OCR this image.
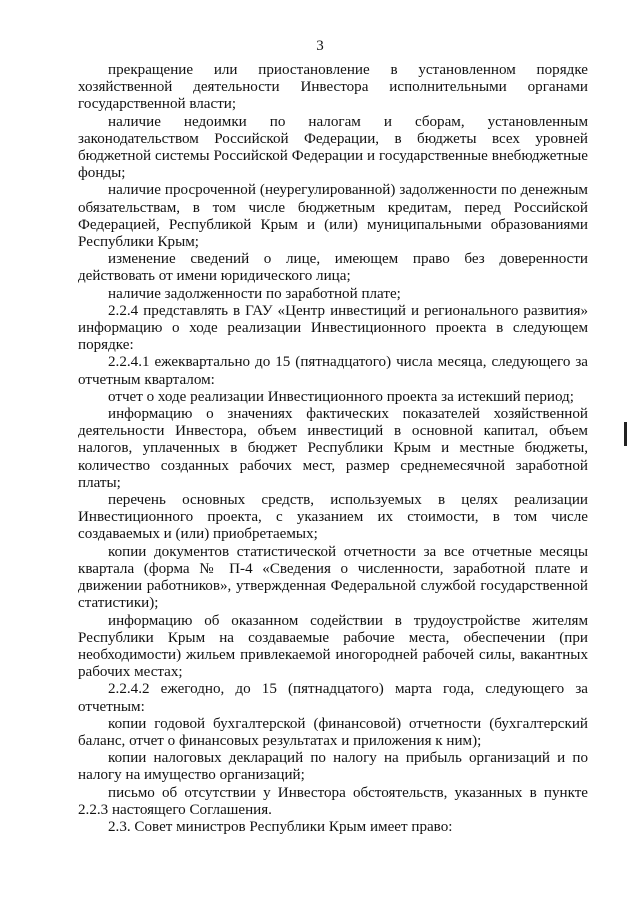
3

прекращение или приостановление в установленном порядке хозяйственной деятельности Инвестора исполнительными органами государственной власти;

наличие недоимки по налогам и сборам, установленным законодательством Российской Федерации, в бюджеты всех уровней бюджетной системы Российской Федерации и государственные внебюджетные фонды;

наличие просроченной (неурегулированной) задолженности по денежным обязательствам, в том числе бюджетным кредитам, перед Российской Федерацией, Республикой Крым и (или) муниципальными образованиями Республики Крым;

изменение сведений о лице, имеющем право без доверенности действовать от имени юридического лица;

наличие задолженности по заработной плате;

2.2.4 представлять в ГАУ «Центр инвестиций и регионального развития» информацию о ходе реализации Инвестиционного проекта в следующем порядке:

2.2.4.1 ежеквартально до 15 (пятнадцатого) числа месяца, следующего за отчетным кварталом:

отчет о ходе реализации Инвестиционного проекта за истекший период;

информацию о значениях фактических показателей хозяйственной деятельности Инвестора, объем инвестиций в основной капитал, объем налогов, уплаченных в бюджет Республики Крым и местные бюджеты, количество созданных рабочих мест, размер среднемесячной заработной платы;

перечень основных средств, используемых в целях реализации Инвестиционного проекта, с указанием их стоимости, в том числе создаваемых и (или) приобретаемых;

копии документов статистической отчетности за все отчетные месяцы квартала (форма № П-4 «Сведения о численности, заработной плате и движении работников», утвержденная Федеральной службой государственной статистики);

информацию об оказанном содействии в трудоустройстве жителям Республики Крым на создаваемые рабочие места, обеспечении (при необходимости) жильем привлекаемой иногородней рабочей силы, вакантных рабочих местах;

2.2.4.2 ежегодно, до 15 (пятнадцатого) марта года, следующего за отчетным:

копии годовой бухгалтерской (финансовой) отчетности (бухгалтерский баланс, отчет о финансовых результатах и приложения к ним);

копии налоговых деклараций по налогу на прибыль организаций и по налогу на имущество организаций;

письмо об отсутствии у Инвестора обстоятельств, указанных в пункте 2.2.3 настоящего Соглашения.

2.3. Совет министров Республики Крым имеет право:
